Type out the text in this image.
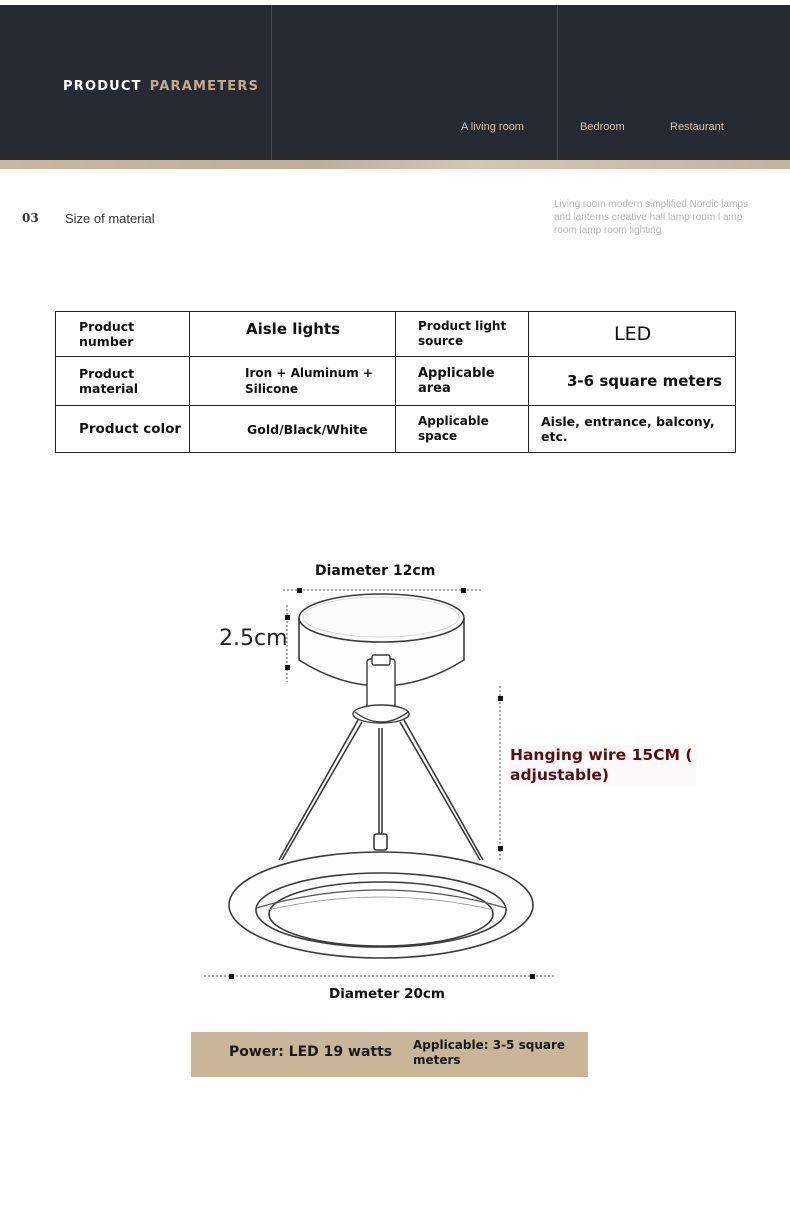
PRODUCT PARAMETERS
A living room	Bedroom	Restaurant
03 Size of material
Living room modern simplified Nordic lamps and lanterns creative hall lamp room l amp room lamp room lighting
Product number	Aisle lights	Product light source	LED
Product material	Iron + Aluminum + Silicone	Applicable area	3-6 square meters
Product color	Gold/Black/White	Applicable space	Aisle, entrance, balcony, etc.
Diameter 12cm
2.5cm
Hanging wire 15CM ( adjustable)
Diameter 20cm
Power: LED 19 watts Applicable: 3-5 square meters
